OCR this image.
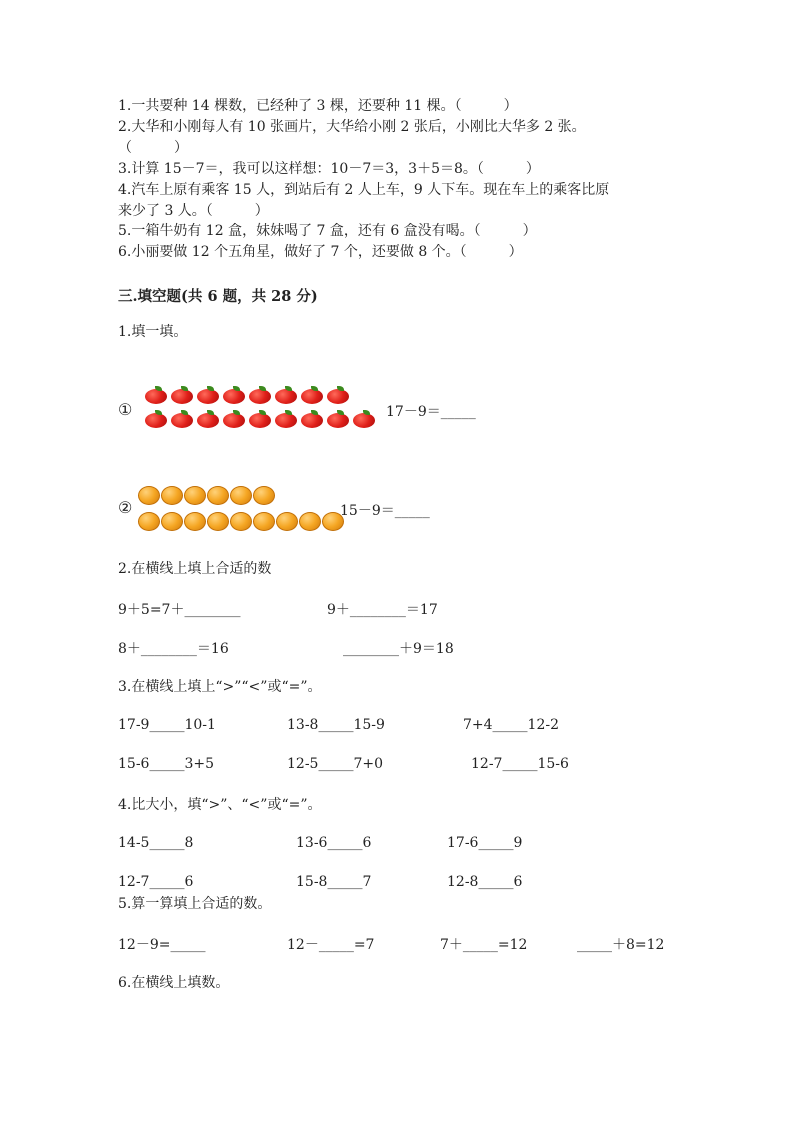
1.一共要种 14 棵数，已经种了 3 棵，还要种 11 棵。（　　　）
2.大华和小刚每人有 10 张画片，大华给小刚 2 张后，小刚比大华多 2 张。
（　　　）
3.计算 15－7＝，我可以这样想：10－7＝3，3＋5＝8。（　　　）
4.汽车上原有乘客 15 人，到站后有 2 人上车，9 人下车。现在车上的乘客比原
来少了 3 人。（　　　）
5.一箱牛奶有 12 盒，妹妹喝了 7 盒，还有 6 盒没有喝。（　　　）
6.小丽要做 12 个五角星，做好了 7 个，还要做 8 个。（　　　）
三.填空题(共 6 题，共 28 分)
1.填一填。
①	17－9＝_____
②	15－9＝_____
2.在横线上填上合适的数
9＋5=7＋________	9＋________＝17
8＋________＝16	________＋9＝18
3.在横线上填上“>”“<”或“=”。
17-9_____10-1	13-8_____15-9	7+4_____12-2
15-6_____3+5	12-5_____7+0	12-7_____15-6
4.比大小，填“>”、“<”或“=”。
14-5_____8	13-6_____6	17-6_____9
12-7_____6	15-8_____7	12-8_____6
5.算一算填上合适的数。
12－9=_____	12－_____=7	7＋_____=12	_____＋8=12
6.在横线上填数。
